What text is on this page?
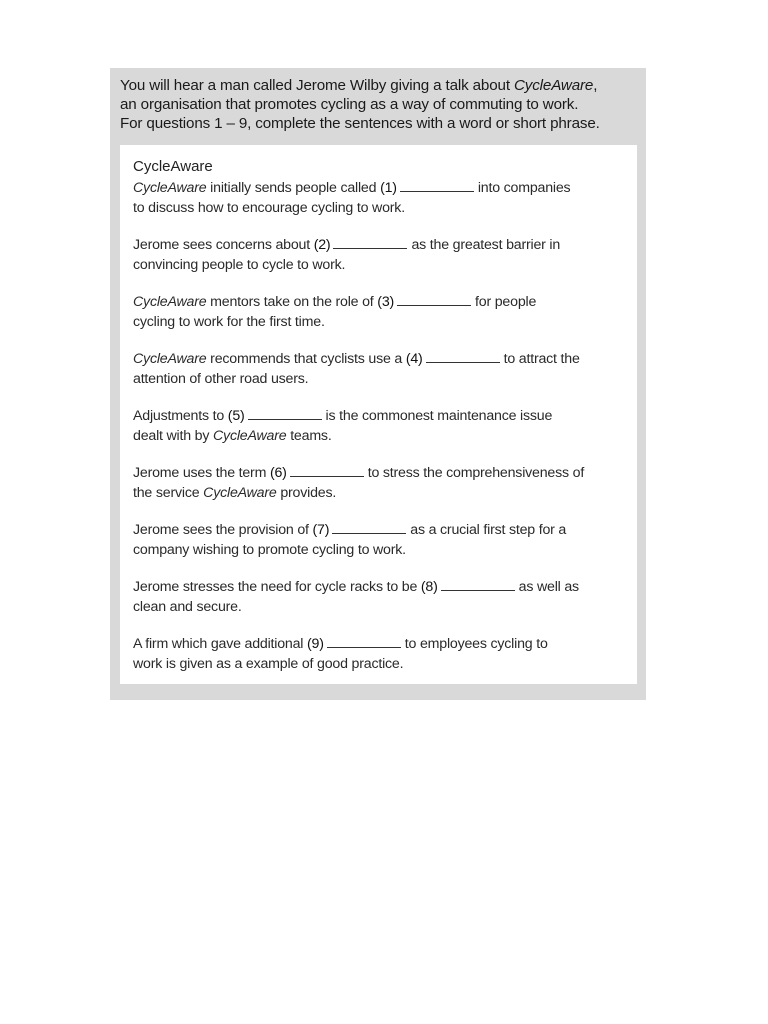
You will hear a man called Jerome Wilby giving a talk about CycleAware,
an organisation that promotes cycling as a way of commuting to work.
For questions 1 – 9, complete the sentences with a word or short phrase.
CycleAware
CycleAware initially sends people called (1)	into companies
to discuss how to encourage cycling to work.
Jerome sees concerns about (2)	as the greatest barrier in
convincing people to cycle to work.
CycleAware mentors take on the role of (3)	for people
cycling to work for the first time.
CycleAware recommends that cyclists use a (4)	to attract the
attention of other road users.
Adjustments to (5)	is the commonest maintenance issue
dealt with by CycleAware teams.
Jerome uses the term (6)	to stress the comprehensiveness of
the service CycleAware provides.
Jerome sees the provision of (7)	as a crucial first step for a
company wishing to promote cycling to work.
Jerome stresses the need for cycle racks to be (8)	as well as
clean and secure.
A firm which gave additional (9)	to employees cycling to
work is given as a example of good practice.
